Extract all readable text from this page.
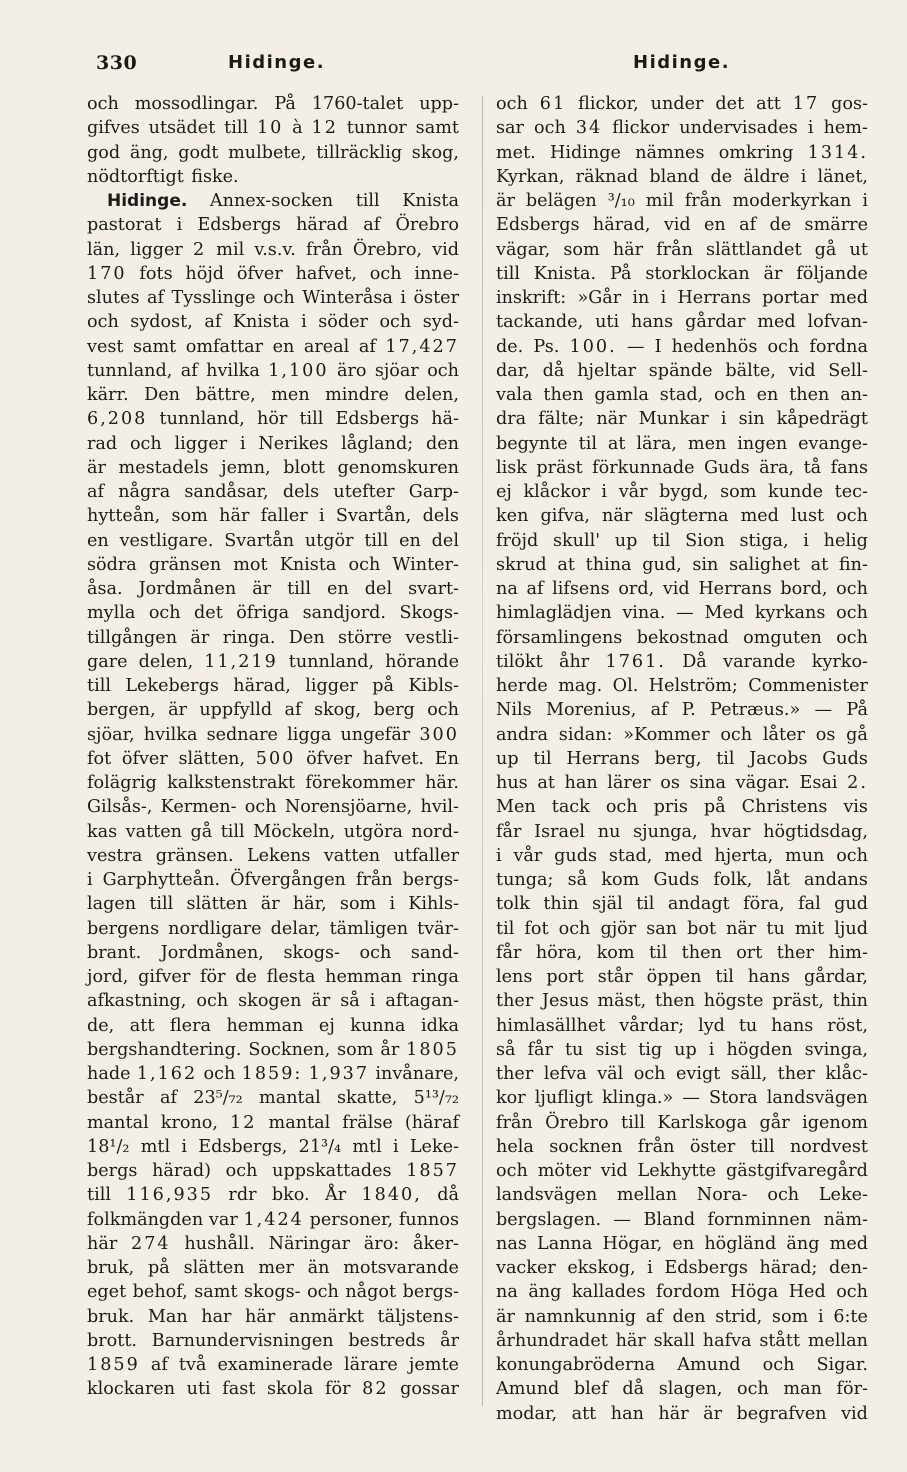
330	Hidinge.	Hidinge.
och mossodlingar. På 1760-talet upp-
gifves utsädet till 10 à 12 tunnor samt
god äng, godt mulbete, tillräcklig skog,
nödtorftigt fiske.
Hidinge. Annex-socken till Knista
pastorat i Edsbergs härad af Örebro
län, ligger 2 mil v.s.v. från Örebro, vid
170 fots höjd öfver hafvet, och inne-
slutes af Tysslinge och Winteråsa i öster
och sydost, af Knista i söder och syd-
vest samt omfattar en areal af 17,427
tunnland, af hvilka 1,100 äro sjöar och
kärr. Den bättre, men mindre delen,
6,208 tunnland, hör till Edsbergs hä-
rad och ligger i Nerikes lågland; den
är mestadels jemn, blott genomskuren
af några sandåsar, dels utefter Garp-
hytteån, som här faller i Svartån, dels
en vestligare. Svartån utgör till en del
södra gränsen mot Knista och Winter-
åsa. Jordmånen är till en del svart-
mylla och det öfriga sandjord. Skogs-
tillgången är ringa. Den större vestli-
gare delen, 11,219 tunnland, hörande
till Lekebergs härad, ligger på Kibls-
bergen, är uppfylld af skog, berg och
sjöar, hvilka sednare ligga ungefär 300
fot öfver slätten, 500 öfver hafvet. En
folägrig kalkstenstrakt förekommer här.
Gilsås-, Kermen- och Norensjöarne, hvil-
kas vatten gå till Möckeln, utgöra nord-
vestra gränsen. Lekens vatten utfaller
i Garphytteån. Öfvergången från bergs-
lagen till slätten är här, som i Kihls-
bergens nordligare delar, tämligen tvär-
brant. Jordmånen, skogs- och sand-
jord, gifver för de flesta hemman ringa
afkastning, och skogen är så i aftagan-
de, att flera hemman ej kunna idka
bergshandtering. Socknen, som år 1805
hade 1,162 och 1859: 1,937 invånare,
består af 23⁵/₇₂ mantal skatte, 5¹³/₇₂
mantal krono, 12 mantal frälse (häraf
18¹/₂ mtl i Edsbergs, 21³/₄ mtl i Leke-
bergs härad) och uppskattades 1857
till 116,935 rdr bko. År 1840, då
folkmängden var 1,424 personer, funnos
här 274 hushåll. Näringar äro: åker-
bruk, på slätten mer än motsvarande
eget behof, samt skogs- och något bergs-
bruk. Man har här anmärkt täljstens-
brott. Barnundervisningen bestreds år
1859 af två examinerade lärare jemte
klockaren uti fast skola för 82 gossar
och 61 flickor, under det att 17 gos-
sar och 34 flickor undervisades i hem-
met. Hidinge nämnes omkring 1314.
Kyrkan, räknad bland de äldre i länet,
är belägen ³/₁₀ mil från moderkyrkan i
Edsbergs härad, vid en af de smärre
vägar, som här från slättlandet gå ut
till Knista. På storklockan är följande
inskrift: »Går in i Herrans portar med
tackande, uti hans gårdar med lofvan-
de. Ps. 100. — I hedenhös och fordna
dar, då hjeltar spände bälte, vid Sell-
vala then gamla stad, och en then an-
dra fälte; när Munkar i sin kåpedrägt
begynte til at lära, men ingen evange-
lisk präst förkunnade Guds ära, tå fans
ej klåckor i vår bygd, som kunde tec-
ken gifva, när slägterna med lust och
fröjd skull' up til Sion stiga, i helig
skrud at thina gud, sin salighet at fin-
na af lifsens ord, vid Herrans bord, och
himlaglädjen vina. — Med kyrkans och
församlingens bekostnad omguten och
tilökt åhr 1761. Då varande kyrko-
herde mag. Ol. Helström; Commenister
Nils Morenius, af P. Petræus.» — På
andra sidan: »Kommer och låter os gå
up til Herrans berg, til Jacobs Guds
hus at han lärer os sina vägar. Esai 2.
Men tack och pris på Christens vis
får Israel nu sjunga, hvar högtidsdag,
i vår guds stad, med hjerta, mun och
tunga; så kom Guds folk, låt andans
tolk thin själ til andagt föra, fal gud
til fot och gjör san bot när tu mit ljud
får höra, kom til then ort ther him-
lens port står öppen til hans gårdar,
ther Jesus mäst, then högste präst, thin
himlasällhet vårdar; lyd tu hans röst,
så får tu sist tig up i högden svinga,
ther lefva väl och evigt säll, ther klåc-
kor ljufligt klinga.» — Stora landsvägen
från Örebro till Karlskoga går igenom
hela socknen från öster till nordvest
och möter vid Lekhytte gästgifvaregård
landsvägen mellan Nora- och Leke-
bergslagen. — Bland fornminnen näm-
nas Lanna Högar, en högländ äng med
vacker ekskog, i Edsbergs härad; den-
na äng kallades fordom Höga Hed och
är namnkunnig af den strid, som i 6:te
århundradet här skall hafva stått mellan
konungabröderna Amund och Sigar.
Amund blef då slagen, och man för-
modar, att han här är begrafven vid
